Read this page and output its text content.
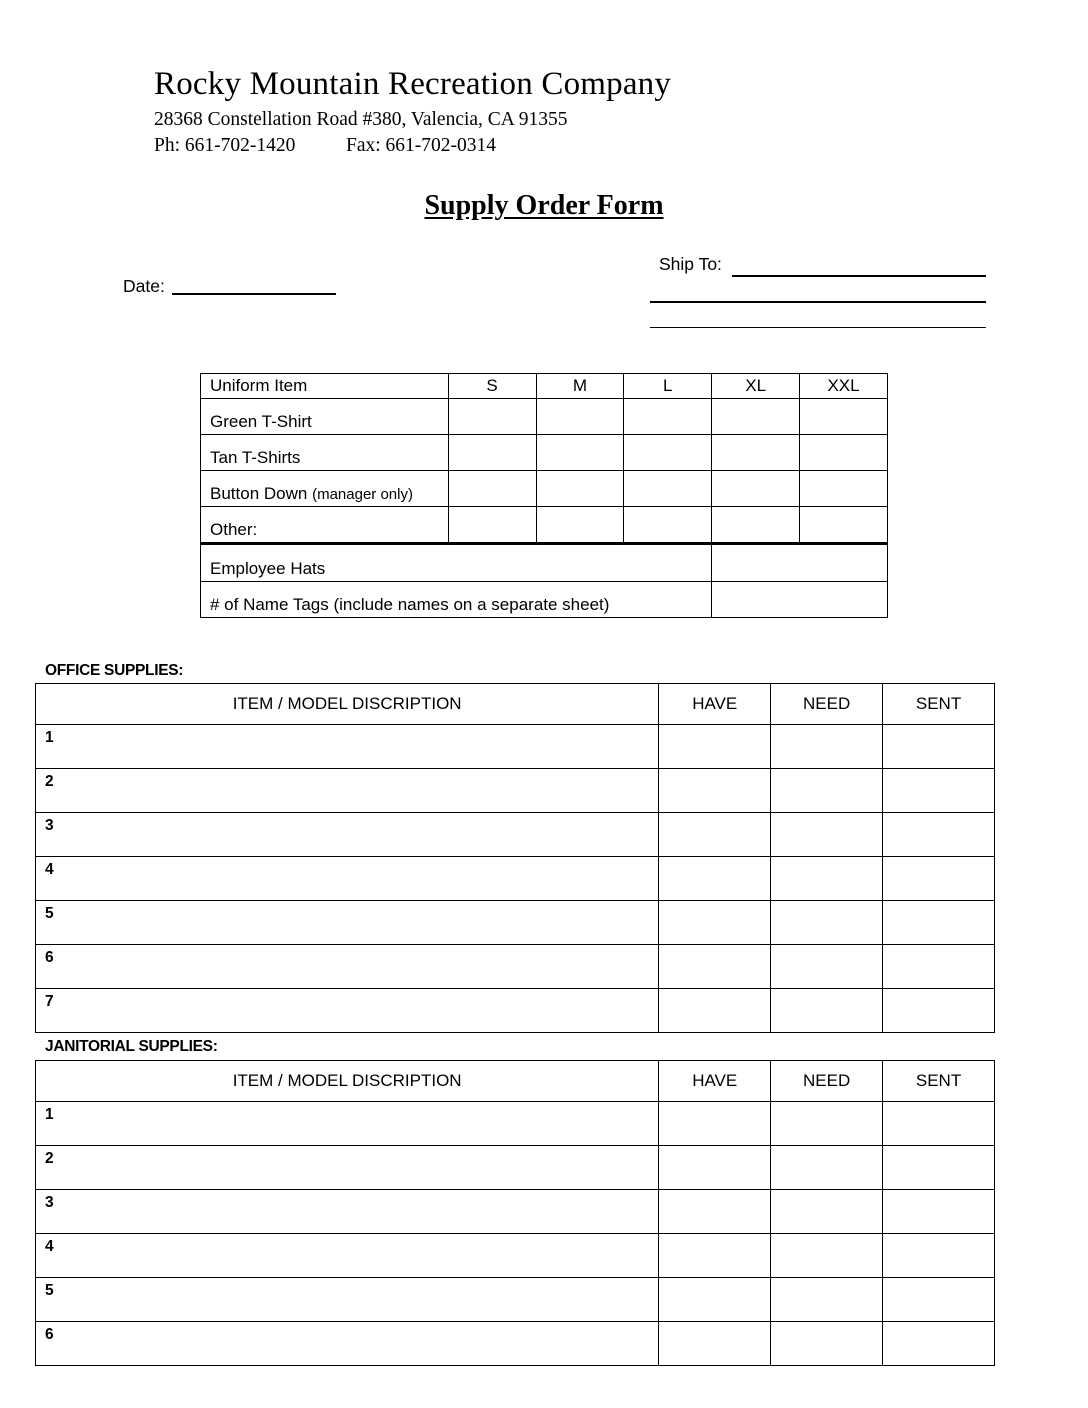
Rocky Mountain Recreation Company
28368 Constellation Road #380, Valencia, CA 91355
Ph: 661-702-1420	Fax: 661-702-0314
Supply Order Form
Ship To:
Date:
Uniform Item	S	M	L	XL	XXL
Green T-Shirt					
Tan T-Shirts					
Button Down (manager only)					
Other:					
Employee Hats					
# of Name Tags (include names on a separate sheet)					
OFFICE SUPPLIES:
ITEM / MODEL DISCRIPTION	HAVE	NEED	SENT
1			
2			
3			
4			
5			
6			
7			
JANITORIAL SUPPLIES:
ITEM / MODEL DISCRIPTION	HAVE	NEED	SENT
1			
2			
3			
4			
5			
6			
